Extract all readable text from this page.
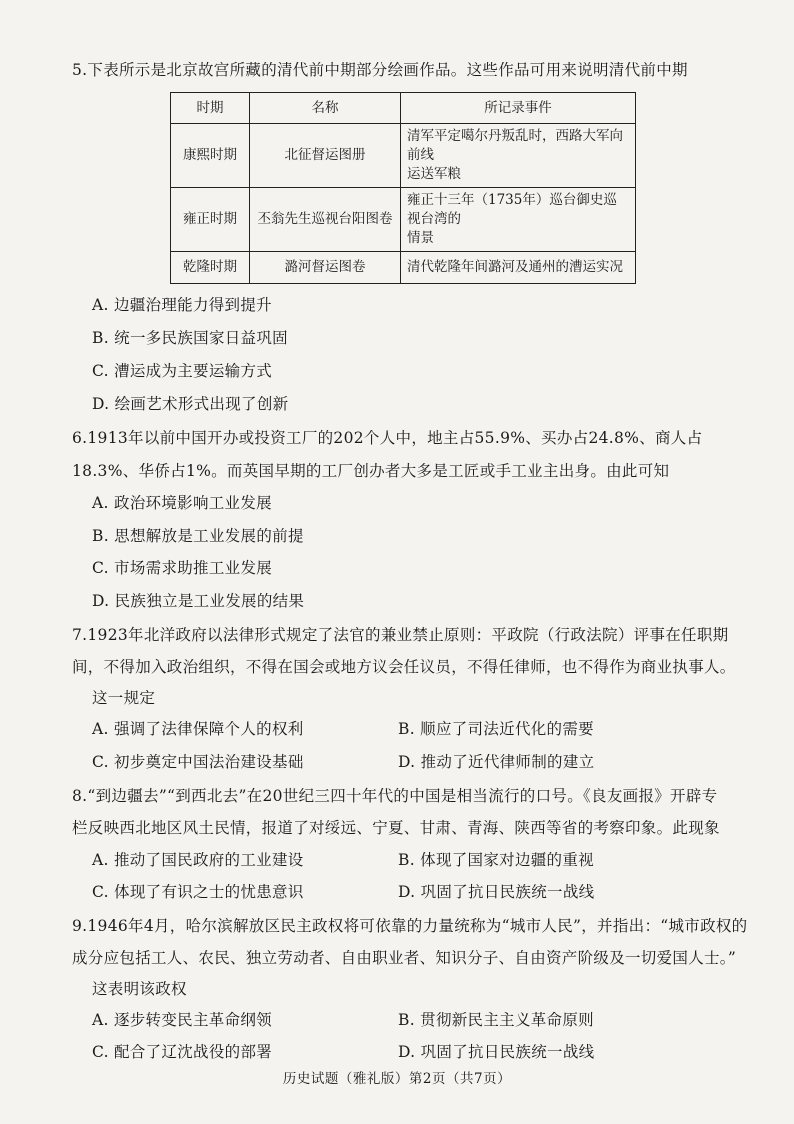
5.下表所示是北京故宫所藏的清代前中期部分绘画作品。这些作品可用来说明清代前中期
时期	名称	所记录事件
康熙时期	北征督运图册	清军平定噶尔丹叛乱时，西路大军向前线
运送军粮

雍正时期	丕翁先生巡视台阳图卷	雍正十三年（1735年）巡台御史巡视台湾的
情景

乾隆时期	潞河督运图卷	清代乾隆年间潞河及通州的漕运实况
A. 边疆治理能力得到提升
B. 统一多民族国家日益巩固
C. 漕运成为主要运输方式
D. 绘画艺术形式出现了创新
6.1913年以前中国开办或投资工厂的202个人中，地主占55.9%、买办占24.8%、商人占
18.3%、华侨占1%。而英国早期的工厂创办者大多是工匠或手工业主出身。由此可知
A. 政治环境影响工业发展
B. 思想解放是工业发展的前提
C. 市场需求助推工业发展
D. 民族独立是工业发展的结果
7.1923年北洋政府以法律形式规定了法官的兼业禁止原则：平政院（行政法院）评事在任职期
间，不得加入政治组织，不得在国会或地方议会任议员，不得任律师，也不得作为商业执事人。
这一规定
A. 强调了法律保障个人的权利	B. 顺应了司法近代化的需要
C. 初步奠定中国法治建设基础	D. 推动了近代律师制的建立
8.“到边疆去”“到西北去”在20世纪三四十年代的中国是相当流行的口号。《良友画报》开辟专
栏反映西北地区风土民情，报道了对绥远、宁夏、甘肃、青海、陕西等省的考察印象。此现象
A. 推动了国民政府的工业建设	B. 体现了国家对边疆的重视
C. 体现了有识之士的忧患意识	D. 巩固了抗日民族统一战线
9.1946年4月，哈尔滨解放区民主政权将可依靠的力量统称为“城市人民”，并指出：“城市政权的
成分应包括工人、农民、独立劳动者、自由职业者、知识分子、自由资产阶级及一切爱国人士。”
这表明该政权
A. 逐步转变民主革命纲领	B. 贯彻新民主主义革命原则
C. 配合了辽沈战役的部署	D. 巩固了抗日民族统一战线
历史试题（雅礼版）第2页（共7页）
